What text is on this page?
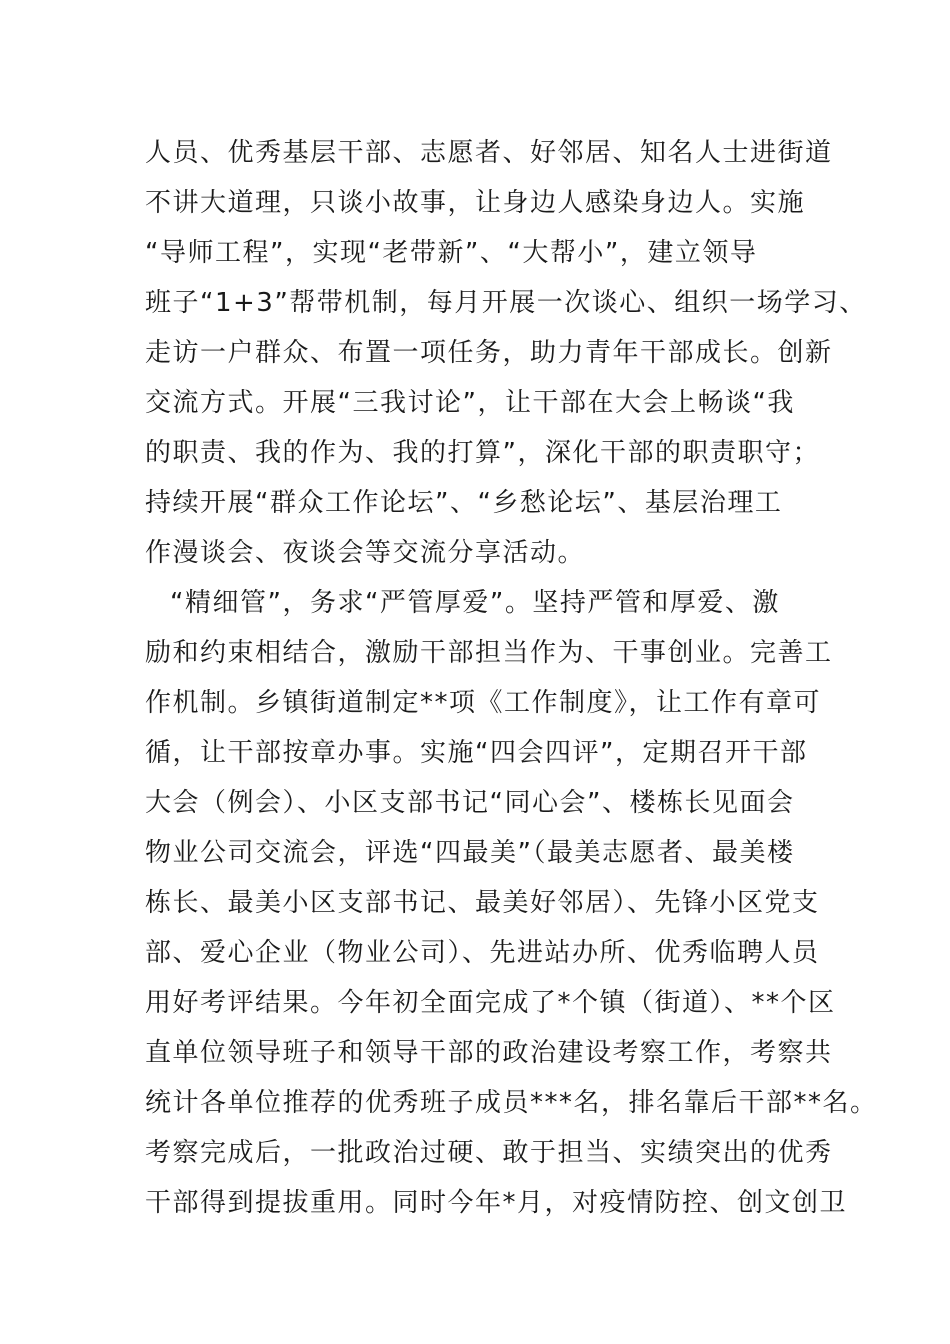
人员、优秀基层干部、志愿者、好邻居、知名人士进街道
不讲大道理，只谈小故事，让身边人感染身边人。实施
“导师工程”，实现“老带新”、“大帮小”，建立领导
班子“1+3”帮带机制，每月开展一次谈心、组织一场学习、
走访一户群众、布置一项任务，助力青年干部成长。创新
交流方式。开展“三我讨论”，让干部在大会上畅谈“我
的职责、我的作为、我的打算”，深化干部的职责职守；
持续开展“群众工作论坛”、“乡愁论坛”、基层治理工
作漫谈会、夜谈会等交流分享活动。
“精细管”，务求“严管厚爱”。坚持严管和厚爱、激
励和约束相结合，激励干部担当作为、干事创业。完善工
作机制。乡镇街道制定**项《工作制度》，让工作有章可
循，让干部按章办事。实施“四会四评”，定期召开干部
大会（例会）、小区支部书记“同心会”、楼栋长见面会
物业公司交流会，评选“四最美”（最美志愿者、最美楼
栋长、最美小区支部书记、最美好邻居）、先锋小区党支
部、爱心企业（物业公司）、先进站办所、优秀临聘人员
用好考评结果。今年初全面完成了*个镇（街道）、**个区
直单位领导班子和领导干部的政治建设考察工作，考察共
统计各单位推荐的优秀班子成员***名，排名靠后干部**名。
考察完成后，一批政治过硬、敢于担当、实绩突出的优秀
干部得到提拔重用。同时今年*月，对疫情防控、创文创卫
